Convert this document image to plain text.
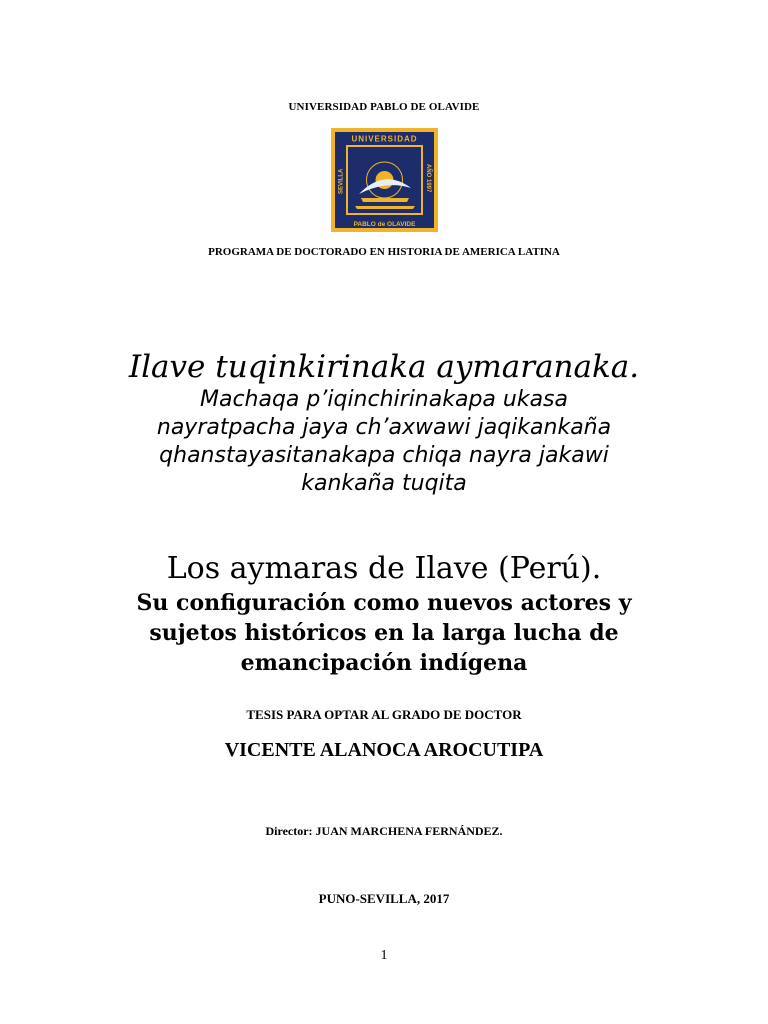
UNIVERSIDAD PABLO DE OLAVIDE
UNIVERSIDAD
PABLO de OLAVIDE
SEVILLA	AÑO 1997
PROGRAMA DE DOCTORADO EN HISTORIA DE AMERICA LATINA
Ilave tuqinkirinaka aymaranaka.
Machaqa p’iqinchirinakapa ukasa
nayratpacha jaya ch’axwawi jaqikankaña
qhanstayasitanakapa chiqa nayra jakawi
kankaña tuqita
Los aymaras de Ilave (Perú).
Su configuración como nuevos actores y
sujetos históricos en la larga lucha de
emancipación indígena
TESIS PARA OPTAR AL GRADO DE DOCTOR
VICENTE ALANOCA AROCUTIPA
Director: JUAN MARCHENA FERNÁNDEZ.
PUNO-SEVILLA, 2017
1
